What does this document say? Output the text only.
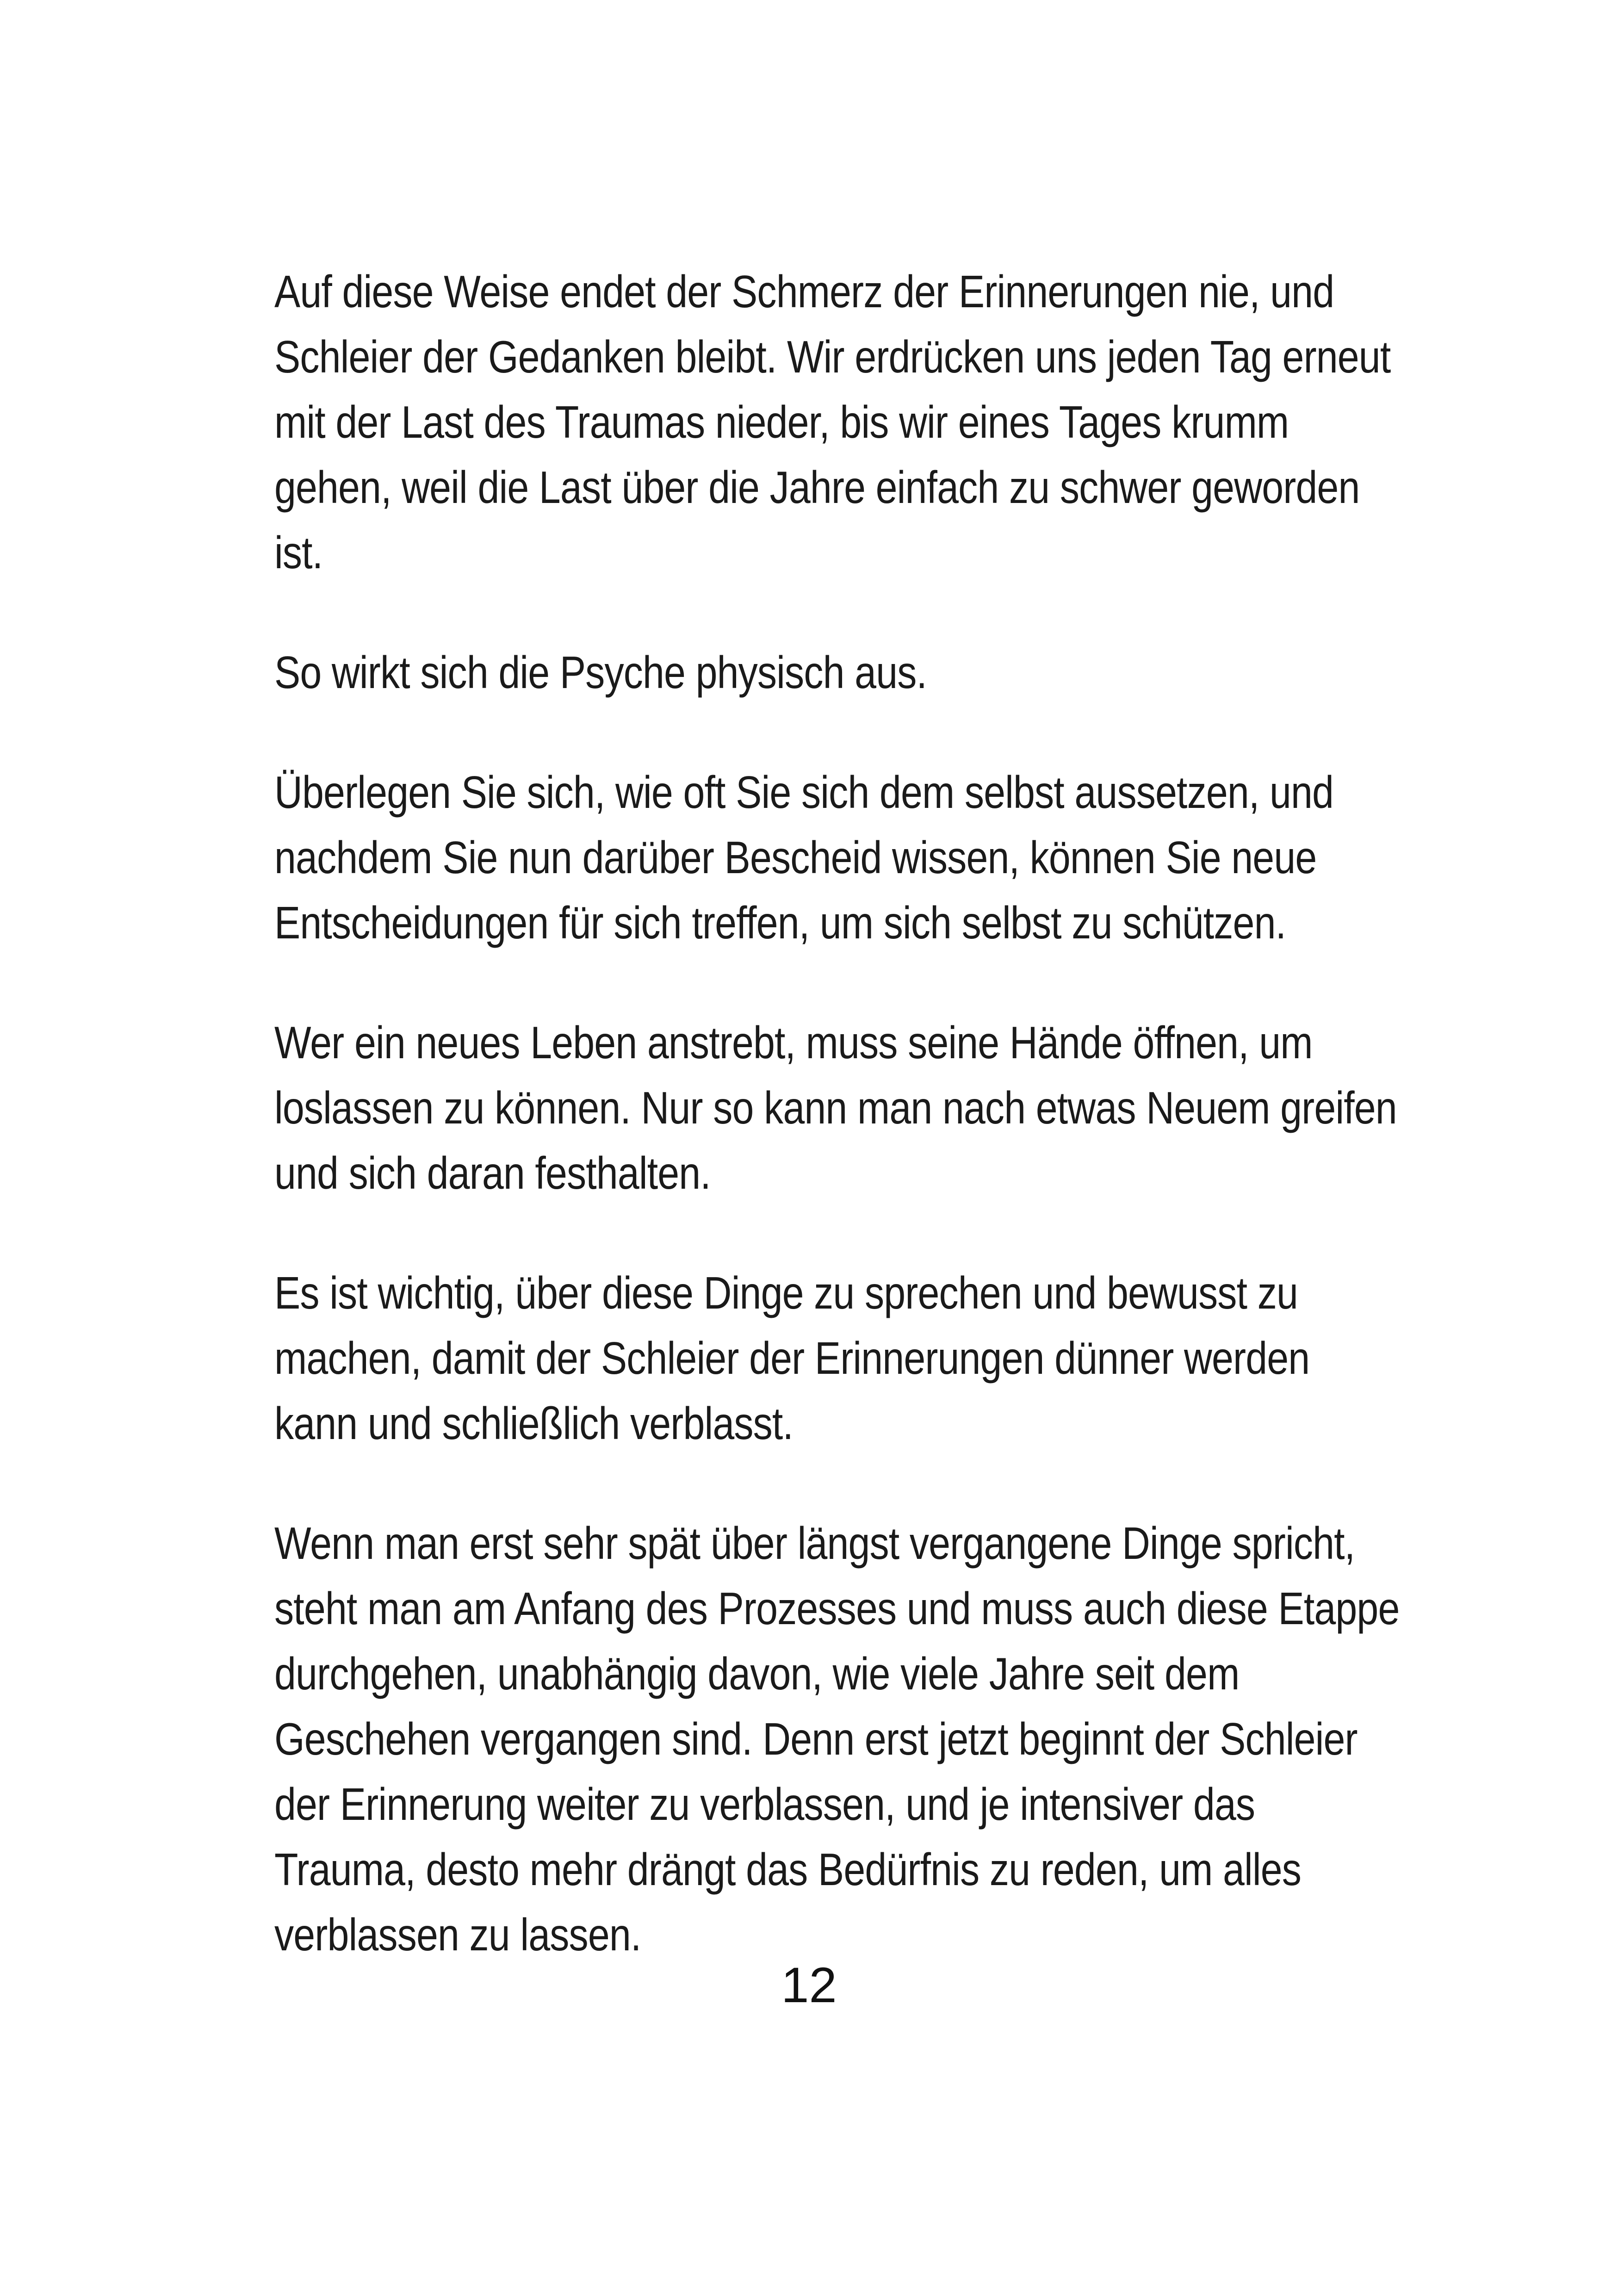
Auf diese Weise endet der Schmerz der Erinnerungen nie, und
Schleier der Gedanken bleibt. Wir erdrücken uns jeden Tag erneut
mit der Last des Traumas nieder, bis wir eines Tages krumm
gehen, weil die Last über die Jahre einfach zu schwer geworden
ist.

So wirkt sich die Psyche physisch aus.

Überlegen Sie sich, wie oft Sie sich dem selbst aussetzen, und
nachdem Sie nun darüber Bescheid wissen, können Sie neue
Entscheidungen für sich treffen, um sich selbst zu schützen.

Wer ein neues Leben anstrebt, muss seine Hände öffnen, um
loslassen zu können. Nur so kann man nach etwas Neuem greifen
und sich daran festhalten.

Es ist wichtig, über diese Dinge zu sprechen und bewusst zu
machen, damit der Schleier der Erinnerungen dünner werden
kann und schließlich verblasst.

Wenn man erst sehr spät über längst vergangene Dinge spricht,
steht man am Anfang des Prozesses und muss auch diese Etappe
durchgehen, unabhängig davon, wie viele Jahre seit dem
Geschehen vergangen sind. Denn erst jetzt beginnt der Schleier
der Erinnerung weiter zu verblassen, und je intensiver das
Trauma, desto mehr drängt das Bedürfnis zu reden, um alles
verblassen zu lassen.

12
